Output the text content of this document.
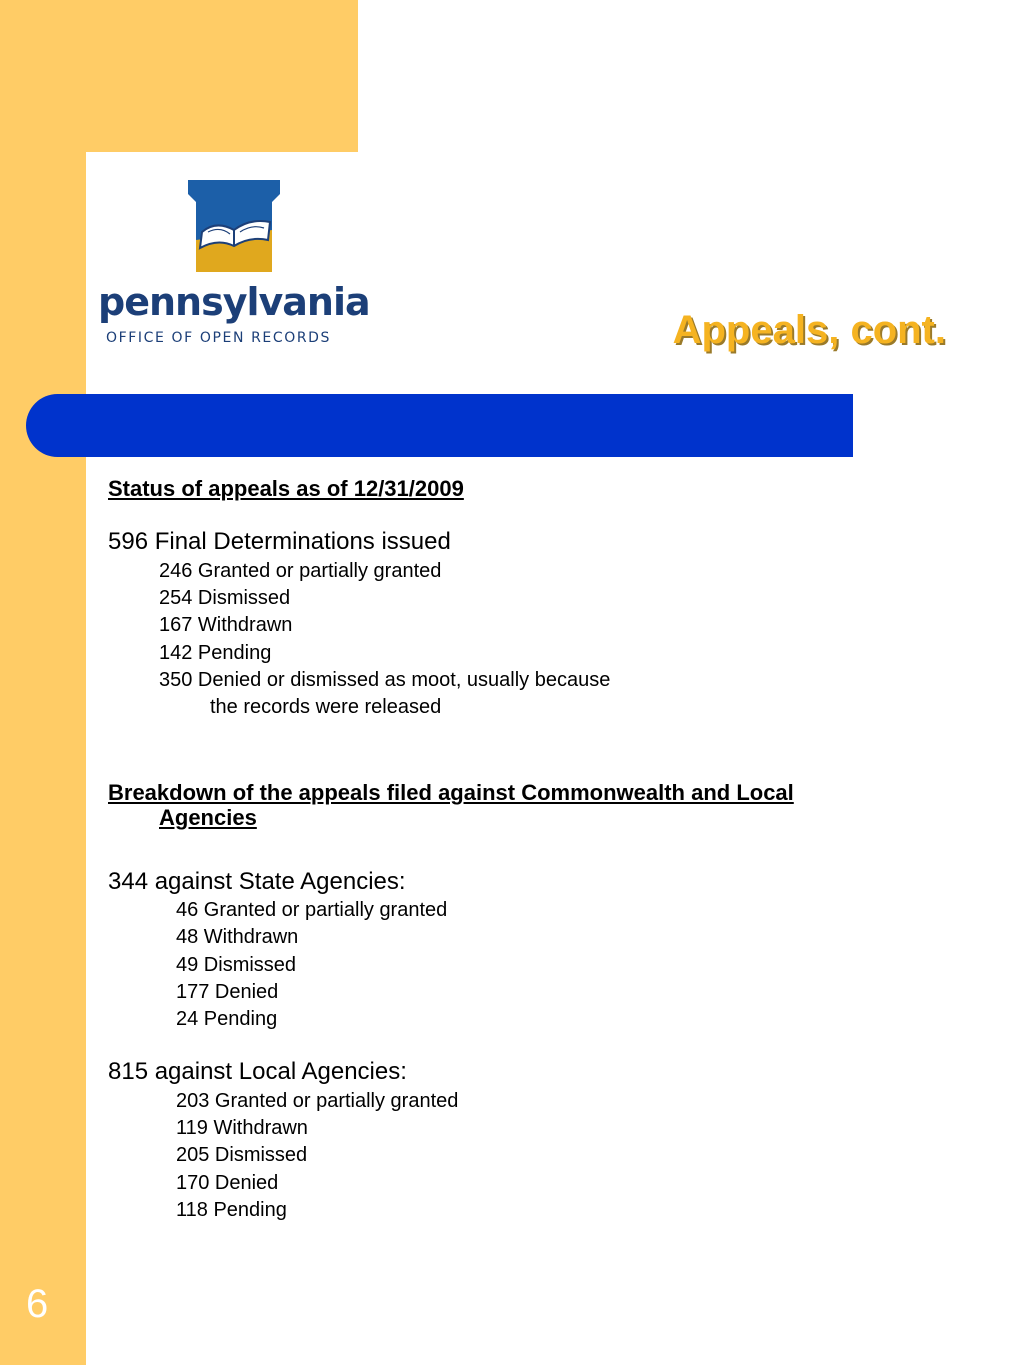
pennsylvania
OFFICE OF OPEN RECORDS	Appeals, cont.
Status of appeals as of 12/31/2009
596 Final Determinations issued
246 Granted or partially granted
254 Dismissed
167 Withdrawn
142 Pending
350 Denied or dismissed as moot, usually because
the records were released
Breakdown of the appeals filed against Commonwealth and Local
Agencies
344 against State Agencies:
46 Granted or partially granted
48 Withdrawn
49 Dismissed
177 Denied
24 Pending
815 against Local Agencies:
203 Granted or partially granted
119 Withdrawn
205 Dismissed
170 Denied
118 Pending
6
